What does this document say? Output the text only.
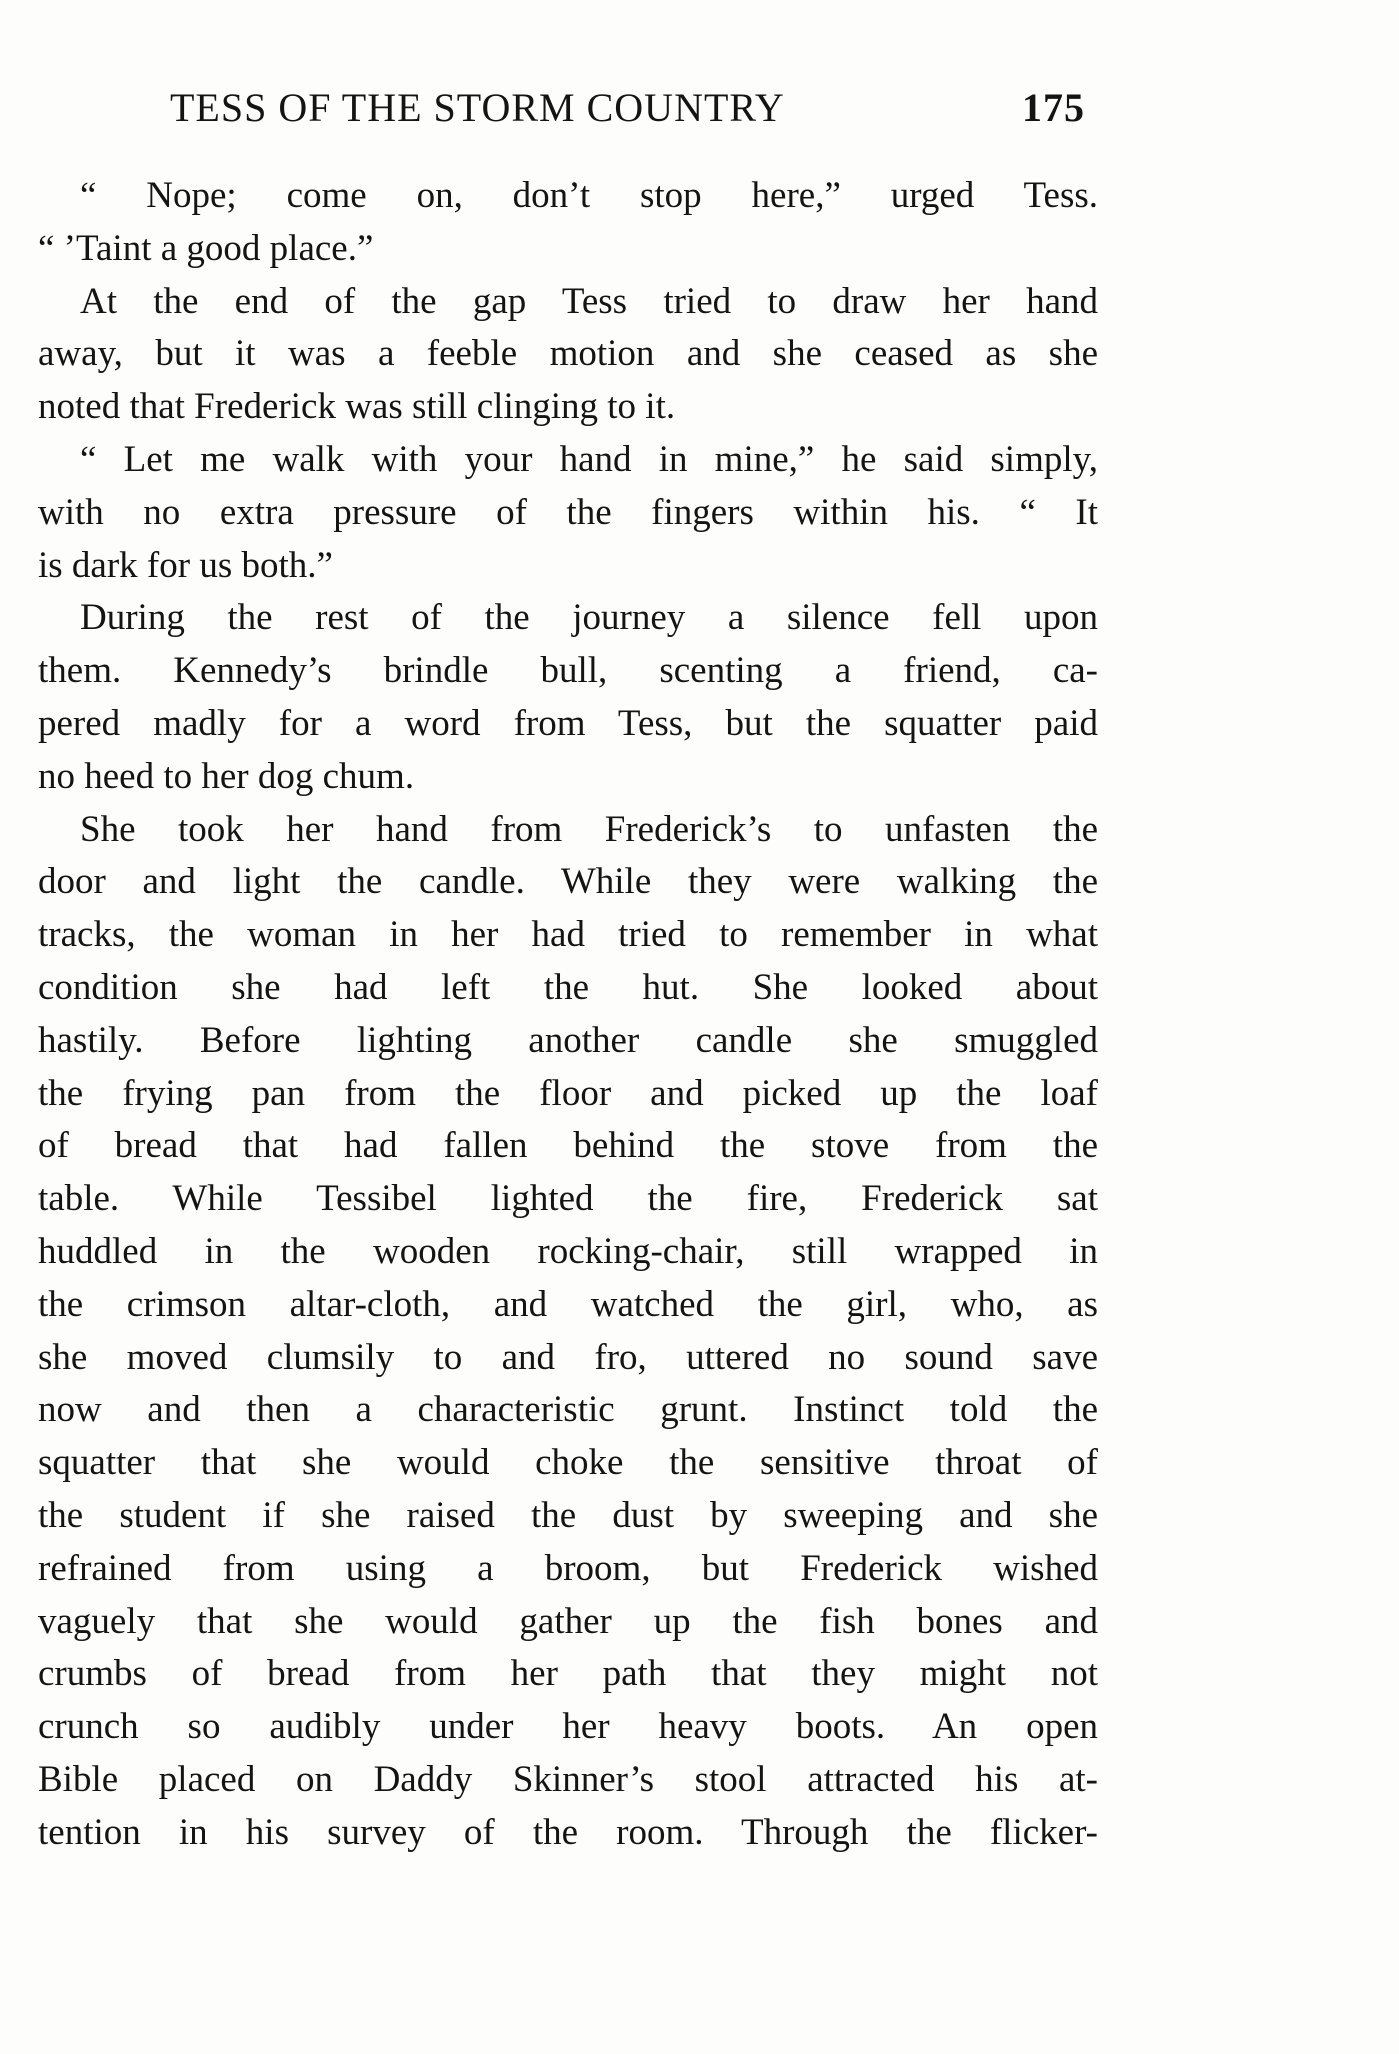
TESS OF THE STORM COUNTRY	175
“ Nope; come on, don’t stop here,” urged Tess.
“ ’Taint a good place.”
At the end of the gap Tess tried to draw her hand
away, but it was a feeble motion and she ceased as she
noted that Frederick was still clinging to it.
“ Let me walk with your hand in mine,” he said simply,
with no extra pressure of the fingers within his. “ It
is dark for us both.”
During the rest of the journey a silence fell upon
them. Kennedy’s brindle bull, scenting a friend, ca-
pered madly for a word from Tess, but the squatter paid
no heed to her dog chum.
She took her hand from Frederick’s to unfasten the
door and light the candle. While they were walking the
tracks, the woman in her had tried to remember in what
condition she had left the hut. She looked about
hastily. Before lighting another candle she smuggled
the frying pan from the floor and picked up the loaf
of bread that had fallen behind the stove from the
table. While Tessibel lighted the fire, Frederick sat
huddled in the wooden rocking-chair, still wrapped in
the crimson altar-cloth, and watched the girl, who, as
she moved clumsily to and fro, uttered no sound save
now and then a characteristic grunt. Instinct told the
squatter that she would choke the sensitive throat of
the student if she raised the dust by sweeping and she
refrained from using a broom, but Frederick wished
vaguely that she would gather up the fish bones and
crumbs of bread from her path that they might not
crunch so audibly under her heavy boots. An open
Bible placed on Daddy Skinner’s stool attracted his at-
tention in his survey of the room. Through the flicker-
